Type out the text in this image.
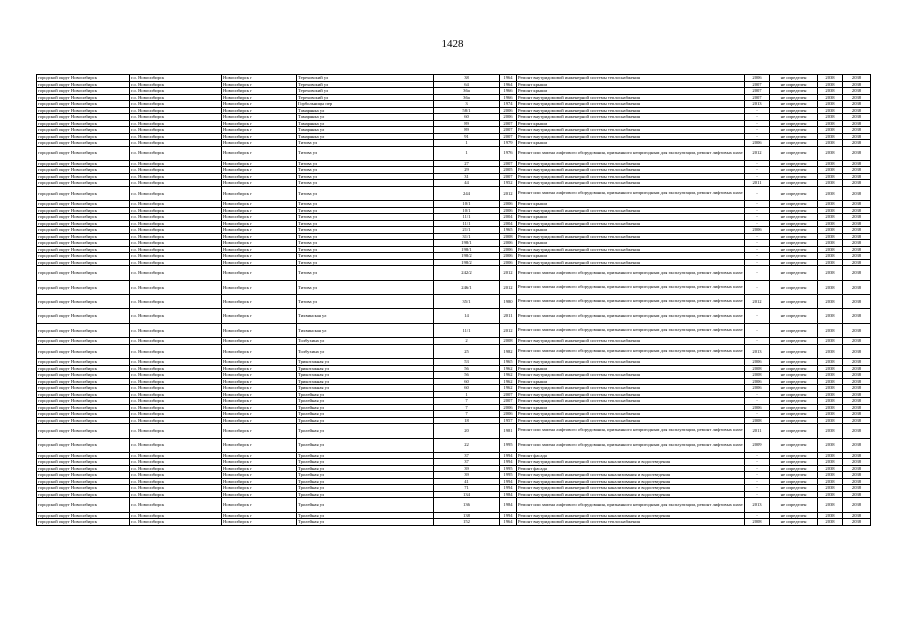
1428
городской округ Новосибирск	г.о. Новосибирск	Новосибирск г	Тереховский ул	38	1964	Ремонт внутридомовой инженерной системы теплоснабжения	2006	не определен	2038	2038
городской округ Новосибирск	г.о. Новосибирск	Новосибирск г	Тереховский ул	64	1964	Ремонт крыши	2007	не определен	2038	2038
городской округ Новосибирск	г.о. Новосибирск	Новосибирск г	Тереховский ул	36а	1966	Ремонт крыши	2007	не определен	2038	2038
городской округ Новосибирск	г.о. Новосибирск	Новосибирск г	Тереховский ул	36а	1966	Ремонт внутридомовой инженерной системы теплоснабжения	2007	не определен	2038	2038
городской округ Новосибирск	г.о. Новосибирск	Новосибирск г	Горбольницы пер	3	1974	Ремонт внутридомовой инженерной системы теплоснабжения	2013	не определен	2038	2038
городской округ Новосибирск	г.о. Новосибирск	Новосибирск г	Тамарянка ул	58/1	2006	Ремонт внутридомовой инженерной системы теплоснабжения	-	не определен	2038	2038
городской округ Новосибирск	г.о. Новосибирск	Новосибирск г	Тамарянка ул	60	2006	Ремонт внутридомовой инженерной системы теплоснабжения	-	не определен	2038	2038
городской округ Новосибирск	г.о. Новосибирск	Новосибирск г	Тамарянка ул	89	2007	Ремонт крыши	-	не определен	2038	2038
городской округ Новосибирск	г.о. Новосибирск	Новосибирск г	Тамарянка ул	89	2007	Ремонт внутридомовой инженерной системы теплоснабжения	-	не определен	2038	2038
городской округ Новосибирск	г.о. Новосибирск	Новосибирск г	Тамарянка ул	91	2007	Ремонт внутридомовой инженерной системы теплоснабжения	-	не определен	2038	2038
городской округ Новосибирск	г.о. Новосибирск	Новосибирск г	Титова ул	1	1979	Ремонт крыши	2006	не определен	2038	2038
городской округ Новосибирск	г.о. Новосибирск	Новосибирск г	Титова ул	1	1976	Ремонт или замена лифтового оборудования, признанного непригодным для эксплуатации, ремонт лифтовых шахт	2012	не определен	2038	2038
городской округ Новосибирск	г.о. Новосибирск	Новосибирск г	Титова ул	27	2007	Ремонт внутридомовой инженерной системы теплоснабжения	-	не определен	2038	2038
городской округ Новосибирск	г.о. Новосибирск	Новосибирск г	Титова ул	29	2005	Ремонт внутридомовой инженерной системы теплоснабжения	-	не определен	2038	2038
городской округ Новосибирск	г.о. Новосибирск	Новосибирск г	Титова ул	31	2007	Ремонт внутридомовой инженерной системы теплоснабжения	-	не определен	2038	2038
городской округ Новосибирск	г.о. Новосибирск	Новосибирск г	Титова ул	44	1952	Ремонт внутридомовой инженерной системы теплоснабжения	2011	не определен	2038	2038
городской округ Новосибирск	г.о. Новосибирск	Новосибирск г	Титова ул	244	2012	Ремонт или замена лифтового оборудования, признанного непригодным для эксплуатации, ремонт лифтовых шахт	-	не определен	2038	2038
городской округ Новосибирск	г.о. Новосибирск	Новосибирск г	Титова ул	10/1	2006	Ремонт крыши	-	не определен	2038	2038
городской округ Новосибирск	г.о. Новосибирск	Новосибирск г	Титова ул	10/1	2006	Ремонт внутридомовой инженерной системы теплоснабжения	-	не определен	2038	2038
городской округ Новосибирск	г.о. Новосибирск	Новосибирск г	Титова ул	11/1	2004	Ремонт крыши	-	не определен	2038	2038
городской округ Новосибирск	г.о. Новосибирск	Новосибирск г	Титова ул	11/1	2004	Ремонт внутридомовой инженерной системы теплоснабжения	-	не определен	2038	2038
городской округ Новосибирск	г.о. Новосибирск	Новосибирск г	Титова ул	21/1	1965	Ремонт крыши	2006	не определен	2038	2038
городской округ Новосибирск	г.о. Новосибирск	Новосибирск г	Титова ул	31/1	2008	Ремонт внутридомовой инженерной системы теплоснабжения	-	не определен	2038	2038
городской округ Новосибирск	г.о. Новосибирск	Новосибирск г	Титова ул	198/1	2006	Ремонт крыши	-	не определен	2038	2038
городской округ Новосибирск	г.о. Новосибирск	Новосибирск г	Титова ул	198/1	2006	Ремонт внутридомовой инженерной системы теплоснабжения	-	не определен	2038	2038
городской округ Новосибирск	г.о. Новосибирск	Новосибирск г	Титова ул	198/2	2006	Ремонт крыши	-	не определен	2038	2038
городской округ Новосибирск	г.о. Новосибирск	Новосибирск г	Титова ул	198/2	2006	Ремонт внутридомовой инженерной системы теплоснабжения	-	не определен	2038	2038
городской округ Новосибирск	г.о. Новосибирск	Новосибирск г	Титова ул	242/2	2012	Ремонт или замена лифтового оборудования, признанного непригодным для эксплуатации, ремонт лифтовых шахт	-	не определен	2038	2038
городской округ Новосибирск	г.о. Новосибирск	Новосибирск г	Титова ул	246/1	2012	Ремонт или замена лифтового оборудования, признанного непригодным для эксплуатации, ремонт лифтовых шахт	-	не определен	2038	2038
городской округ Новосибирск	г.о. Новосибирск	Новосибирск г	Титова ул	35/1	1980	Ремонт или замена лифтового оборудования, признанного непригодным для эксплуатации, ремонт лифтовых шахт	2012	не определен	2038	2038
городской округ Новосибирск	г.о. Новосибирск	Новосибирск г	Тихвинская ул	14	2011	Ремонт или замена лифтового оборудования, признанного непригодным для эксплуатации, ремонт лифтовых шахт	-	не определен	2038	2038
городской округ Новосибирск	г.о. Новосибирск	Новосибирск г	Тихвинская ул	11/1	2012	Ремонт или замена лифтового оборудования, признанного непригодным для эксплуатации, ремонт лифтовых шахт	-	не определен	2038	2038
городской округ Новосибирск	г.о. Новосибирск	Новосибирск г	Толбухина ул	2	2008	Ремонт внутридомовой инженерной системы теплоснабжения	-	не определен	2038	2038
городской округ Новосибирск	г.о. Новосибирск	Новосибирск г	Толбухина ул	25	1982	Ремонт или замена лифтового оборудования, признанного непригодным для эксплуатации, ремонт лифтовых шахт	2013	не определен	2038	2038
городской округ Новосибирск	г.о. Новосибирск	Новосибирск г	Трикотажная ул	53	1965	Ремонт внутридомовой инженерной системы теплоснабжения	2006	не определен	2038	2038
городской округ Новосибирск	г.о. Новосибирск	Новосибирск г	Трикотажная ул	56	1962	Ремонт крыши	2008	не определен	2038	2038
городской округ Новосибирск	г.о. Новосибирск	Новосибирск г	Трикотажная ул	56	1962	Ремонт внутридомовой инженерной системы теплоснабжения	2008	не определен	2038	2038
городской округ Новосибирск	г.о. Новосибирск	Новосибирск г	Трикотажная ул	60	1962	Ремонт крыши	2006	не определен	2038	2038
городской округ Новосибирск	г.о. Новосибирск	Новосибирск г	Трикотажная ул	60	1962	Ремонт внутридомовой инженерной системы теплоснабжения	2006	не определен	2038	2038
городской округ Новосибирск	г.о. Новосибирск	Новосибирск г	Тролейная ул	1	2007	Ремонт внутридомовой инженерной системы теплоснабжения	-	не определен	2038	2038
городской округ Новосибирск	г.о. Новосибирск	Новосибирск г	Тролейная ул	7	2007	Ремонт внутридомовой инженерной системы теплоснабжения	-	не определен	2038	2038
городской округ Новосибирск	г.о. Новосибирск	Новосибирск г	Тролейная ул	7	2006	Ремонт крыши	2006	не определен	2038	2038
городской округ Новосибирск	г.о. Новосибирск	Новосибирск г	Тролейная ул	7	2006	Ремонт внутридомовой инженерной системы теплоснабжения	-	не определен	2038	2038
городской округ Новосибирск	г.о. Новосибирск	Новосибирск г	Тролейная ул	18	1957	Ремонт внутридомовой инженерной системы теплоснабжения	2008	не определен	2038	2038
городской округ Новосибирск	г.о. Новосибирск	Новосибирск г	Тролейная ул	20	1981	Ремонт или замена лифтового оборудования, признанного непригодным для эксплуатации, ремонт лифтовых шахт	2011	не определен	2038	2038
городской округ Новосибирск	г.о. Новосибирск	Новосибирск г	Тролейная ул	22	1995	Ремонт или замена лифтового оборудования, признанного непригодным для эксплуатации, ремонт лифтовых шахт	2009	не определен	2038	2038
городской округ Новосибирск	г.о. Новосибирск	Новосибирск г	Тролейная ул	37	1994	Ремонт фасада	-	не определен	2038	2038
городской округ Новосибирск	г.о. Новосибирск	Новосибирск г	Тролейная ул	37	1994	Ремонт внутридомовой инженерной системы канализования и водоотведения	-	не определен	2038	2038
городской округ Новосибирск	г.о. Новосибирск	Новосибирск г	Тролейная ул	39	1995	Ремонт фасада	-	не определен	2038	2038
городской округ Новосибирск	г.о. Новосибирск	Новосибирск г	Тролейная ул	39	1995	Ремонт внутридомовой инженерной системы канализования и водоотведения	-	не определен	2038	2038
городской округ Новосибирск	г.о. Новосибирск	Новосибирск г	Тролейная ул	41	1994	Ремонт внутридомовой инженерной системы канализования и водоотведения	-	не определен	2038	2038
городской округ Новосибирск	г.о. Новосибирск	Новосибирск г	Тролейная ул	71	1994	Ремонт внутридомовой инженерной системы канализования и водоотведения	-	не определен	2038	2038
городской округ Новосибирск	г.о. Новосибирск	Новосибирск г	Тролейная ул	134	1984	Ремонт внутридомовой инженерной системы канализования и водоотведения	-	не определен	2038	2038
городской округ Новосибирск	г.о. Новосибирск	Новосибирск г	Тролейная ул	136	1984	Ремонт или замена лифтового оборудования, признанного непригодным для эксплуатации, ремонт лифтовых шахт	2013	не определен	2038	2038
городской округ Новосибирск	г.о. Новосибирск	Новосибирск г	Тролейная ул	138	1994	Ремонт внутридомовой инженерной системы канализования и водоотведения	-	не определен	2038	2038
городской округ Новосибирск	г.о. Новосибирск	Новосибирск г	Тролейная ул	152	1964	Ремонт внутридомовой инженерной системы теплоснабжения	2008	не определен	2038	2038
